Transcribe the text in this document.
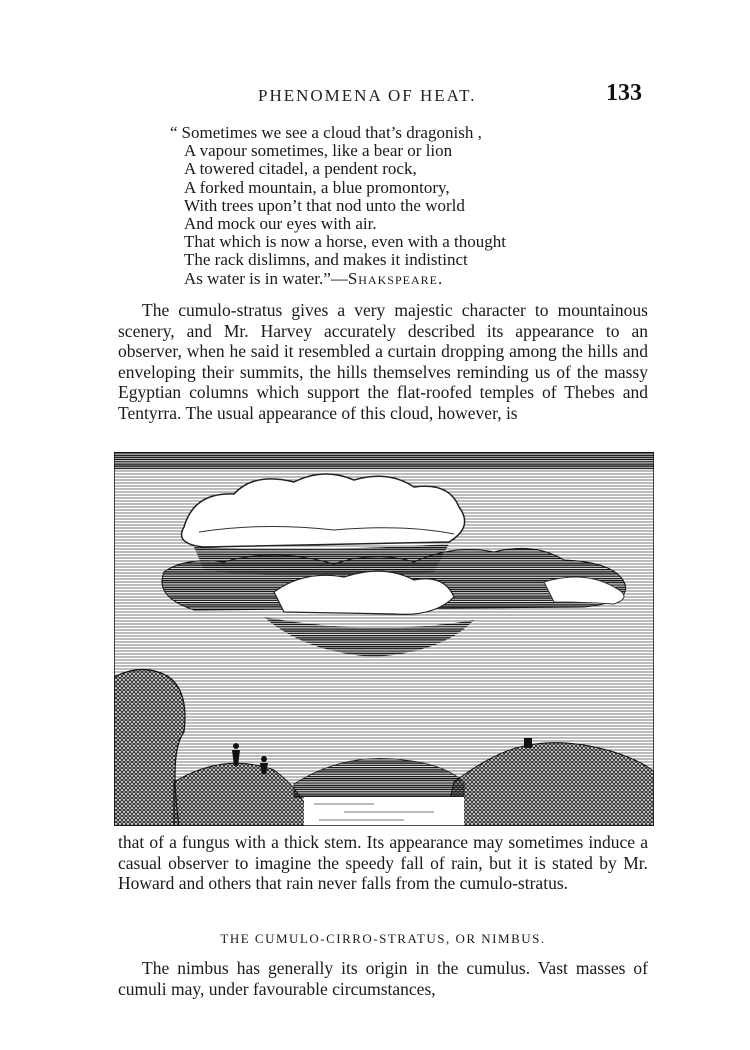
PHENOMENA OF HEAT.	133
“ Sometimes we see a cloud that’s dragonish ,
A vapour sometimes, like a bear or lion
A towered citadel, a pendent rock,
A forked mountain, a blue promontory,
With trees upon’t that nod unto the world
And mock our eyes with air.
That which is now a horse, even with a thought
The rack dislimns, and makes it indistinct
As water is in water.”—Shakspeare.
The cumulo-stratus gives a very majestic character to mountainous scenery, and Mr. Harvey accurately described its appearance to an observer, when he said it resembled a curtain dropping among the hills and enveloping their summits, the hills themselves reminding us of the massy Egyptian columns which support the flat-roofed temples of Thebes and Tentyrra. The usual appearance of this cloud, however, is
that of a fungus with a thick stem. Its appearance may sometimes induce a casual observer to imagine the speedy fall of rain, but it is stated by Mr. Howard and others that rain never falls from the cumulo-stratus.
THE CUMULO-CIRRO-STRATUS, OR NIMBUS.
The nimbus has generally its origin in the cumulus. Vast masses of cumuli may, under favourable circumstances,
